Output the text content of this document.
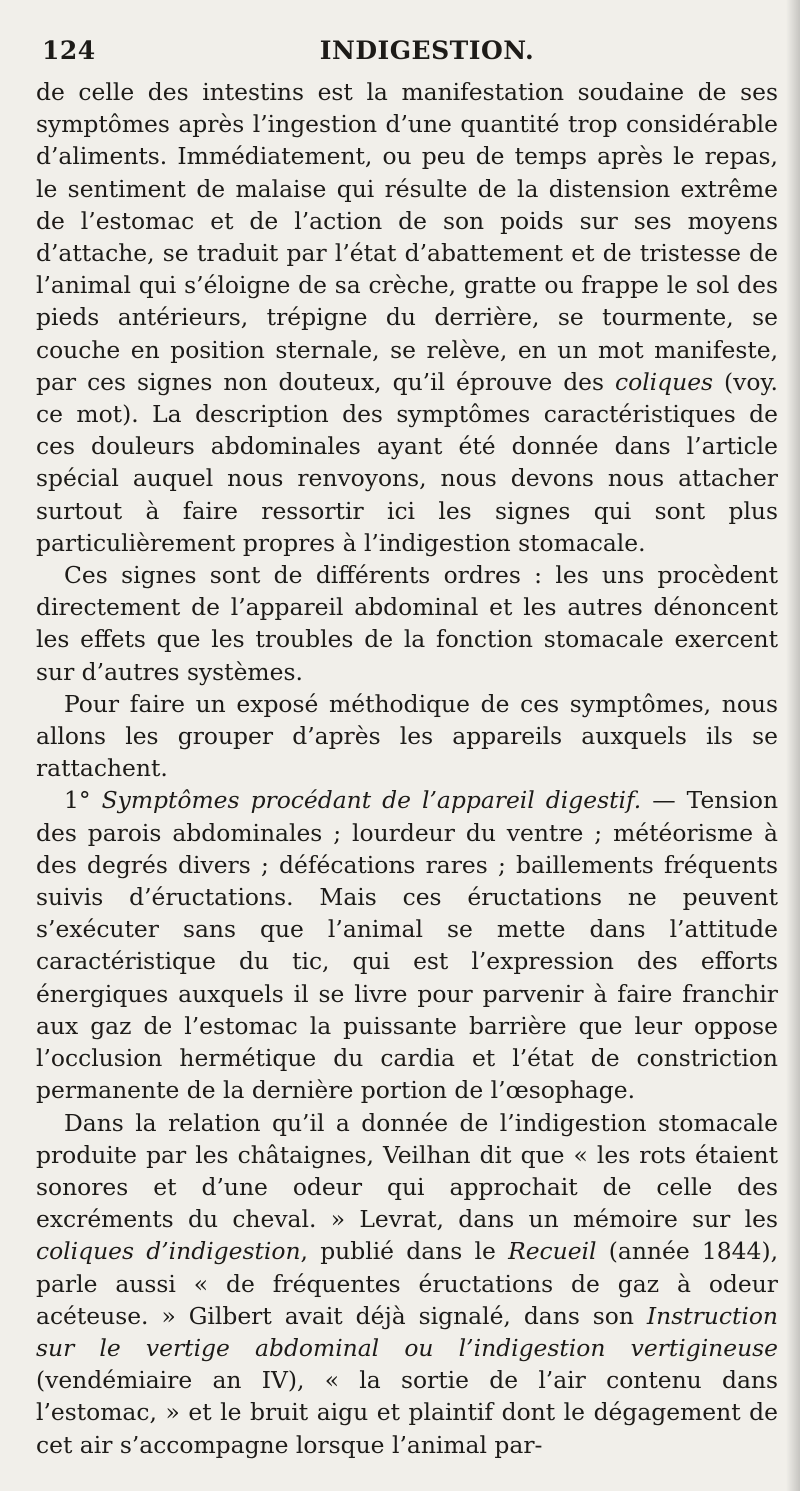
124	INDIGESTION.

de celle des intestins est la manifestation soudaine de ses symptômes après l’ingestion d’une quantité trop considérable d’aliments. Immédiatement, ou peu de temps après le repas, le sentiment de malaise qui résulte de la distension extrême de l’estomac et de l’action de son poids sur ses moyens d’attache, se traduit par l’état d’abattement et de tristesse de l’animal qui s’éloigne de sa crèche, gratte ou frappe le sol des pieds antérieurs, trépigne du derrière, se tourmente, se couche en position sternale, se relève, en un mot manifeste, par ces signes non douteux, qu’il éprouve des coliques (voy. ce mot). La description des symptômes caractéristiques de ces douleurs abdominales ayant été donnée dans l’article spécial auquel nous renvoyons, nous devons nous attacher surtout à faire ressortir ici les signes qui sont plus particulièrement propres à l’indigestion stomacale.

Ces signes sont de différents ordres : les uns procèdent directement de l’appareil abdominal et les autres dénoncent les effets que les troubles de la fonction stomacale exercent sur d’autres systèmes.

Pour faire un exposé méthodique de ces symptômes, nous allons les grouper d’après les appareils auxquels ils se rattachent.

1° Symptômes procédant de l’appareil digestif. — Tension des parois abdominales ; lourdeur du ventre ; météorisme à des degrés divers ; défécations rares ; baillements fréquents suivis d’éructations. Mais ces éructations ne peuvent s’exécuter sans que l’animal se mette dans l’attitude caractéristique du tic, qui est l’expression des efforts énergiques auxquels il se livre pour parvenir à faire franchir aux gaz de l’estomac la puissante barrière que leur oppose l’occlusion hermétique du cardia et l’état de constriction permanente de la dernière portion de l’œsophage.

Dans la relation qu’il a donnée de l’indigestion stomacale produite par les châtaignes, Veilhan dit que « les rots étaient sonores et d’une odeur qui approchait de celle des excréments du cheval. » Levrat, dans un mémoire sur les coliques d’indigestion, publié dans le Recueil (année 1844), parle aussi « de fréquentes éructations de gaz à odeur acéteuse. » Gilbert avait déjà signalé, dans son Instruction sur le vertige abdominal ou l’indigestion vertigineuse (vendémiaire an IV), « la sortie de l’air contenu dans l’estomac, » et le bruit aigu et plaintif dont le dégagement de cet air s’accompagne lorsque l’animal par-
